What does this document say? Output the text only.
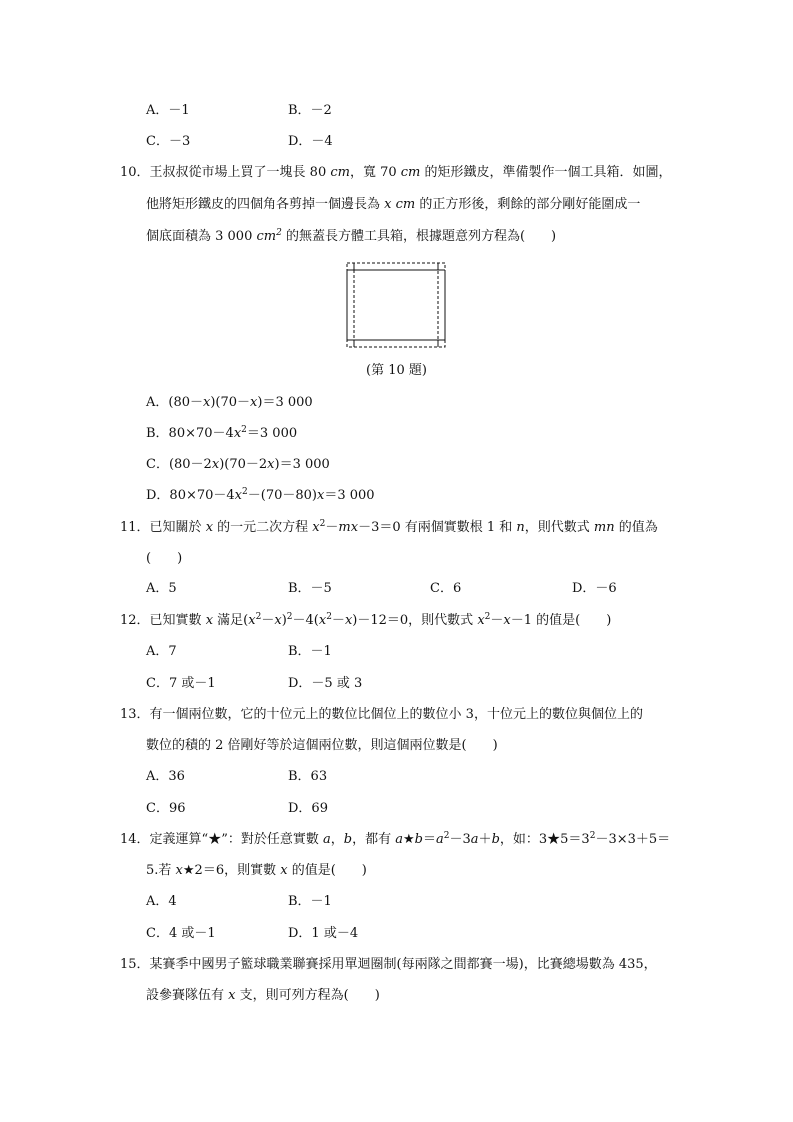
A．－1	B．－2
C．－3	D．－4
10．王叔叔從市場上買了一塊長 80 cm，寬 70 cm 的矩形鐵皮，準備製作一個工具箱．如圖，
他將矩形鐵皮的四個角各剪掉一個邊長為 x cm 的正方形後，剩餘的部分剛好能圍成一
個底面積為 3 000 $cm^2$ 的無蓋長方體工具箱，根據題意列方程為(　　)
(第 10 題)
A．(80－x)(70－x)＝3 000
B．$80\times 70-4x^2=3$ 000
C．(80－2x)(70－2x)＝3 000
D．$80\times 70-4x^2-(70-80)x=3$ 000
11．已知關於 x 的一元二次方程 $x^2-mx-3=0$ 有兩個實數根 1 和 n，則代數式 mn 的值為
(　　)
A．5	B．－5	C．6	D．－6
12．已知實數 x 滿足$(x^2-x)^2-4(x^2-x)-12=0$，則代數式 $x^2-x-1$ 的值是(　　)
A．7	B．－1
C．7 或－1	D．－5 或 3
13．有一個兩位數，它的十位元上的數位比個位上的數位小 3，十位元上的數位與個位上的
數位的積的 2 倍剛好等於這個兩位數，則這個兩位數是(　　)
A．36	B．63
C．96	D．69
14．定義運算“★”：對於任意實數 a，b，都有 $a★b=a^2-3a+b$，如：$3★5=3^2-3\times 3+5=$
5.若 x★2＝6，則實數 x 的值是(　　)
A．4	B．－1
C．4 或－1	D．1 或－4
15．某賽季中國男子籃球職業聯賽採用單迴圈制(每兩隊之間都賽一場)，比賽總場數為 435，
設參賽隊伍有 x 支，則可列方程為(　　)
